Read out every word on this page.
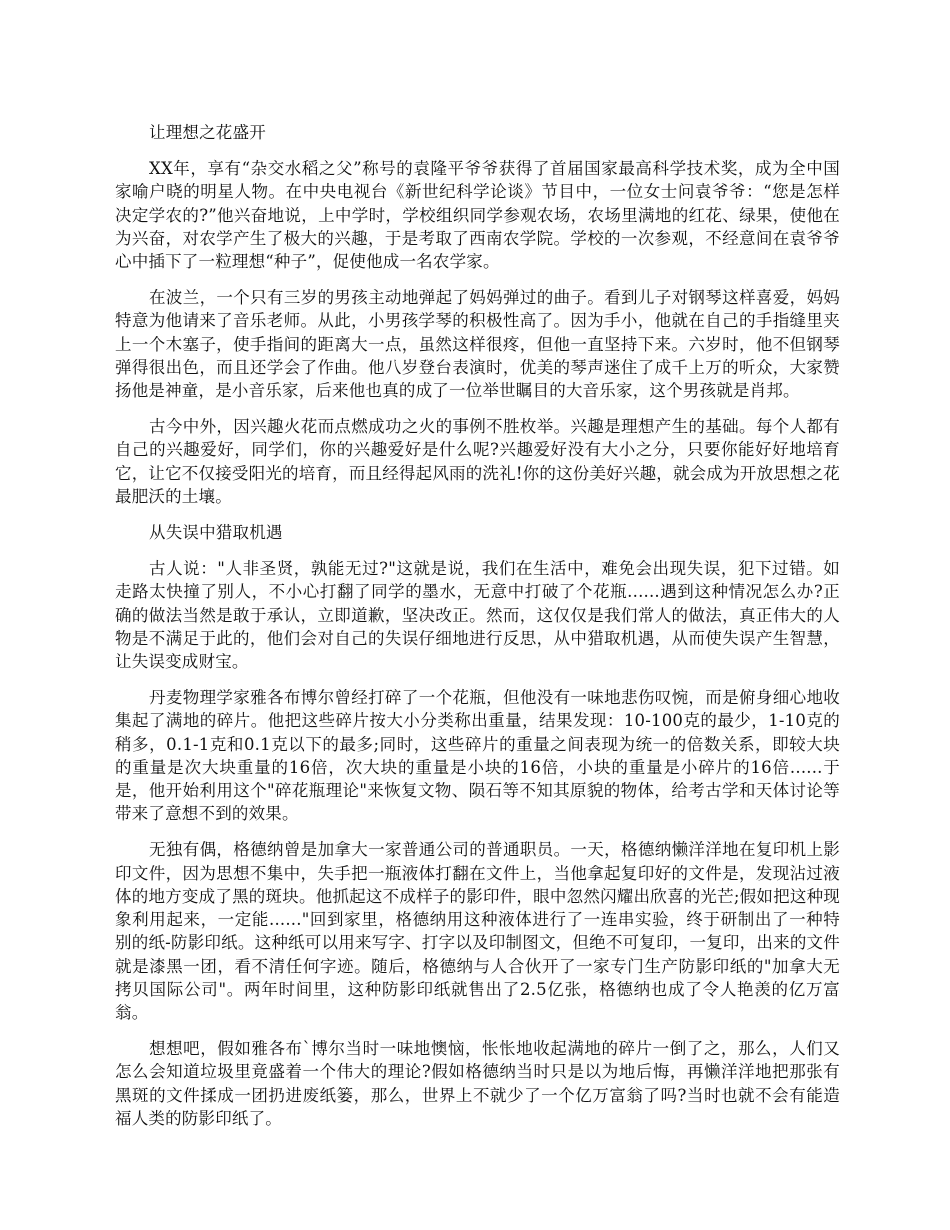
让理想之花盛开

XX年，享有“杂交水稻之父”称号的袁隆平爷爷获得了首届国家最高科学技术奖，成为全中国家喻户晓的明星人物。在中央电视台《新世纪科学论谈》节目中，一位女士问袁爷爷：“您是怎样决定学农的?”他兴奋地说，上中学时，学校组织同学参观农场，农场里满地的红花、绿果，使他在为兴奋，对农学产生了极大的兴趣，于是考取了西南农学院。学校的一次参观，不经意间在袁爷爷心中插下了一粒理想“种子”，促使他成一名农学家。

在波兰，一个只有三岁的男孩主动地弹起了妈妈弹过的曲子。看到儿子对钢琴这样喜爱，妈妈特意为他请来了音乐老师。从此，小男孩学琴的积极性高了。因为手小，他就在自己的手指缝里夹上一个木塞子，使手指间的距离大一点，虽然这样很疼，但他一直坚持下来。六岁时，他不但钢琴弹得很出色，而且还学会了作曲。他八岁登台表演时，优美的琴声迷住了成千上万的听众，大家赞扬他是神童，是小音乐家，后来他也真的成了一位举世瞩目的大音乐家，这个男孩就是肖邦。

古今中外，因兴趣火花而点燃成功之火的事例不胜枚举。兴趣是理想产生的基础。每个人都有自己的兴趣爱好，同学们，你的兴趣爱好是什么呢?兴趣爱好没有大小之分，只要你能好好地培育它，让它不仅接受阳光的培育，而且经得起风雨的洗礼!你的这份美好兴趣，就会成为开放思想之花最肥沃的土壤。

从失误中猎取机遇

古人说："人非圣贤，孰能无过?"这就是说，我们在生活中，难免会出现失误，犯下过错。如走路太快撞了别人，不小心打翻了同学的墨水，无意中打破了个花瓶......遇到这种情况怎么办?正确的做法当然是敢于承认，立即道歉，坚决改正。然而，这仅仅是我们常人的做法，真正伟大的人物是不满足于此的，他们会对自己的失误仔细地进行反思，从中猎取机遇，从而使失误产生智慧，让失误变成财宝。

丹麦物理学家雅各布博尔曾经打碎了一个花瓶，但他没有一味地悲伤叹惋，而是俯身细心地收集起了满地的碎片。他把这些碎片按大小分类称出重量，结果发现：10-100克的最少，1-10克的稍多，0.1-1克和0.1克以下的最多;同时，这些碎片的重量之间表现为统一的倍数关系，即较大块的重量是次大块重量的16倍，次大块的重量是小块的16倍，小块的重量是小碎片的16倍......于是，他开始利用这个"碎花瓶理论"来恢复文物、陨石等不知其原貌的物体，给考古学和天体讨论等带来了意想不到的效果。

无独有偶，格德纳曾是加拿大一家普通公司的普通职员。一天，格德纳懒洋洋地在复印机上影印文件，因为思想不集中，失手把一瓶液体打翻在文件上，当他拿起复印好的文件是，发现沾过液体的地方变成了黑的斑块。他抓起这不成样子的影印件，眼中忽然闪耀出欣喜的光芒;假如把这种现象利用起来，一定能......"回到家里，格德纳用这种液体进行了一连串实验，终于研制出了一种特别的纸-防影印纸。这种纸可以用来写字、打字以及印制图文，但绝不可复印，一复印，出来的文件就是漆黑一团，看不清任何字迹。随后，格德纳与人合伙开了一家专门生产防影印纸的"加拿大无拷贝国际公司"。两年时间里，这种防影印纸就售出了2.5亿张，格德纳也成了令人艳羡的亿万富翁。

想想吧，假如雅各布`博尔当时一味地懊恼，怅怅地收起满地的碎片一倒了之，那么，人们又怎么会知道垃圾里竟盛着一个伟大的理论?假如格德纳当时只是以为地后悔，再懒洋洋地把那张有黑斑的文件揉成一团扔进废纸篓，那么，世界上不就少了一个亿万富翁了吗?当时也就不会有能造福人类的防影印纸了。
